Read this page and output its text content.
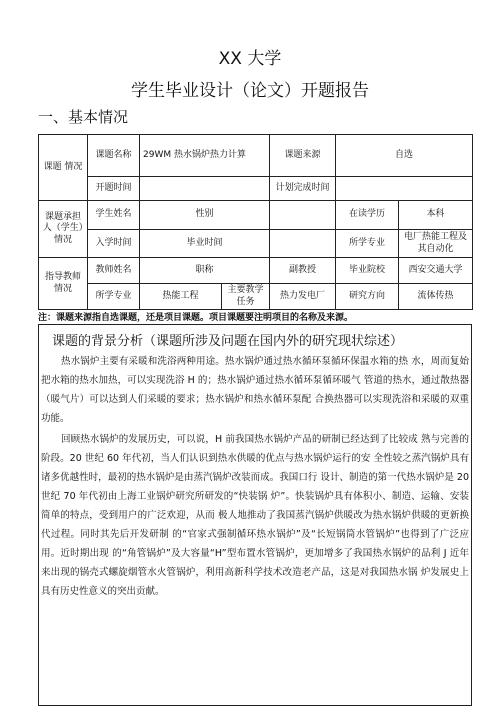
XX 大学
学生毕业设计（论文）开题报告
一、基本情况
课题 情况	课题名称	29WM 热水锅炉热力计算		课题来源	自选	
	开题时间			计划完成时间		
课题承担人（学生）情况	学生姓名	性别			在读学历	本科
	入学时间	毕业时间			所学专业	电厂热能工程及其自动化
指导教师情况	教师姓名	职称		副教授	毕业院校	西安交通大学
	所学专业	热能工程	主要教学任务	热力发电厂	研究方向	流体传热
注：课题来源指自选课题，还是项目课题。项目课题要注明项目的名称及来源。
课题的背景分析（课题所涉及问题在国内外的研究现状综述）
热水锅炉主要有采暖和洗浴两种用途。热水锅炉通过热水循环泵循环保温水箱的热 水，周而复始把水箱的热水加热，可以实现洗浴 H 的；热水锅炉通过热水循环泵循环暖气 管道的热水，通过散热器（暖气片）可以达到人们采暖的要求；热水锅炉和热水循环泵配 合换热器可以实现洗浴和采暖的双重功能。
回顾热水锅炉的发展历史，可以说，H 前我国热水锅炉产品的研制已经达到了比较成 熟与完善的阶段。20 世纪 60 年代初，当人们认识到热水供暖的优点与热水锅炉运行的安 全性较之蒸汽锅炉具有诸多优越性时，最初的热水锅炉是由蒸汽锅炉改装而成。我国口行 设计、制造的第一代热水锅炉是 20 世纪 70 年代初由上海工业锅炉研究所研发的“快装锅 炉”。快装锅炉具有体积小、制造、运输、安装简单的特点，受到用户的广泛欢迎，从而 极人地推动了我国蒸汽锅炉供暖改为热水锅炉供暖的更新换代过程。同时其先后开发研制 的“官家式强制循环热水锅炉”及“长短锅筒水管锅炉”也得到了广泛应用。近时期出现 的“角管锅炉”及大容量“H”型布置水管锅炉，更加增多了我国热水锅炉的品利 J 近年 来出现的锅壳式螺旋烟管水火管锅炉，利用高新科学技术改造老产品，这是对我国热水锅 炉发展史上具有历史性意义的突出贡献。
